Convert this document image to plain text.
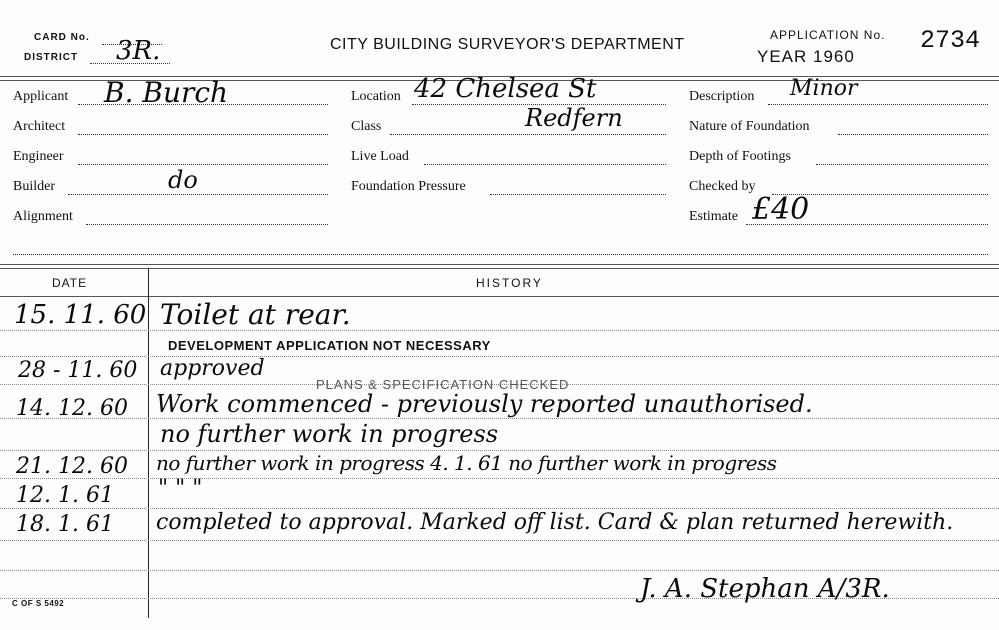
CARD No.
DISTRICT 3R.	CITY BUILDING SURVEYOR'S DEPARTMENT
APPLICATION No.
YEAR 1960
2734
Applicant B. Burch
Architect
Engineer
Builder	do
Alignment
Location 42 Chelsea St
Class	Redfern
Live Load
Foundation Pressure
Description Minor
Nature of Foundation
Depth of Footings
Checked by
Estimate £40
DATE	HISTORY
15. 11. 60 Toilet at rear.
DEVELOPMENT APPLICATION NOT NECESSARY
28 - 11. 60 approved
PLANS & SPECIFICATION CHECKED
14. 12. 60 Work commenced - previously reported unauthorised.
no further work in progress
21. 12. 60 no further work in progress 4. 1. 61 no further work in progress
12. 1. 61 " " "
18. 1. 61 completed to approval. Marked off list. Card & plan returned herewith.
J. A. Stephan A/3R.
C OF S 5492
